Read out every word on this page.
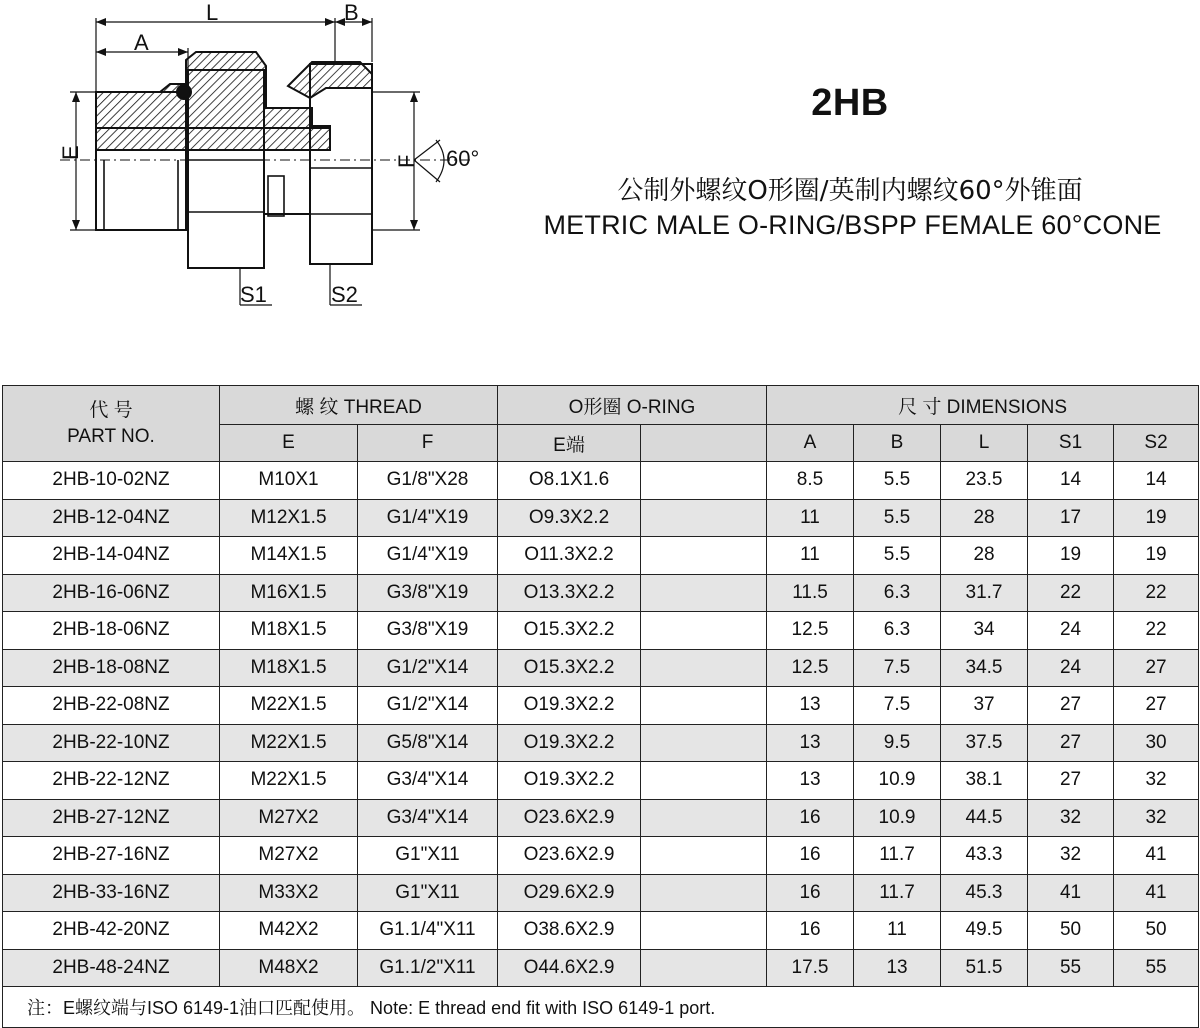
L	B
A
E
F 60°
S1	S2
2HB
公制外螺纹O形圈/英制内螺纹60°外锥面
METRIC MALE O-RING/BSPP FEMALE 60°CONE
代 号
PART NO.	螺 纹 THREAD		O形圈 O-RING		尺 寸 DIMENSIONS				
	E	F	E端		A	B	L	S1	S2
2HB-10-02NZ	M10X1	G1/8"X28	O8.1X1.6		8.5	5.5	23.5	14	14
2HB-12-04NZ	M12X1.5	G1/4"X19	O9.3X2.2		11	5.5	28	17	19
2HB-14-04NZ	M14X1.5	G1/4"X19	O11.3X2.2		11	5.5	28	19	19
2HB-16-06NZ	M16X1.5	G3/8"X19	O13.3X2.2		11.5	6.3	31.7	22	22
2HB-18-06NZ	M18X1.5	G3/8"X19	O15.3X2.2		12.5	6.3	34	24	22
2HB-18-08NZ	M18X1.5	G1/2"X14	O15.3X2.2		12.5	7.5	34.5	24	27
2HB-22-08NZ	M22X1.5	G1/2"X14	O19.3X2.2		13	7.5	37	27	27
2HB-22-10NZ	M22X1.5	G5/8"X14	O19.3X2.2		13	9.5	37.5	27	30
2HB-22-12NZ	M22X1.5	G3/4"X14	O19.3X2.2		13	10.9	38.1	27	32
2HB-27-12NZ	M27X2	G3/4"X14	O23.6X2.9		16	10.9	44.5	32	32
2HB-27-16NZ	M27X2	G1"X11	O23.6X2.9		16	11.7	43.3	32	41
2HB-33-16NZ	M33X2	G1"X11	O29.6X2.9		16	11.7	45.3	41	41
2HB-42-20NZ	M42X2	G1.1/4"X11	O38.6X2.9		16	11	49.5	50	50
2HB-48-24NZ	M48X2	G1.1/2"X11	O44.6X2.9		17.5	13	51.5	55	55
注：E螺纹端与ISO 6149-1油口匹配使用。 Note: E thread end fit with ISO 6149-1 port.									
